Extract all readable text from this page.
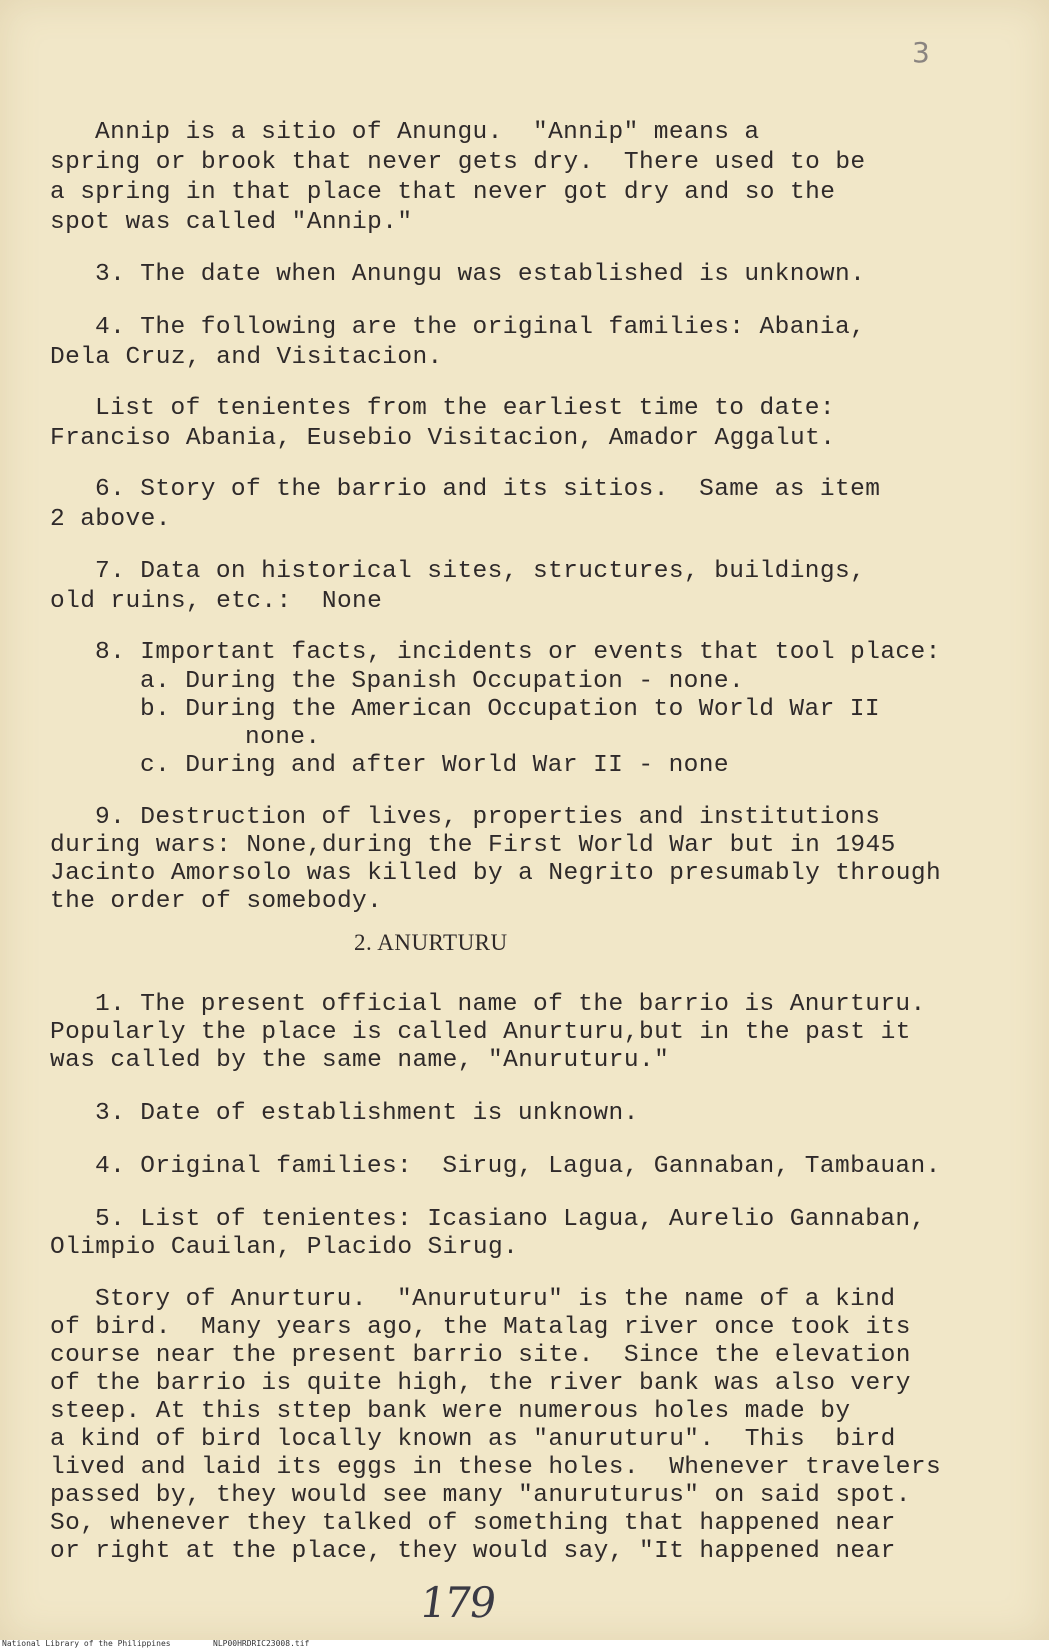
3
Annip is a sitio of Anungu.  "Annip" means a
spring or brook that never gets dry.  There used to be
a spring in that place that never got dry and so the
spot was called "Annip."
3. The date when Anungu was established is unknown.
4. The following are the original families: Abania,
Dela Cruz, and Visitacion.
List of tenientes from the earliest time to date:
Franciso Abania, Eusebio Visitacion, Amador Aggalut.
6. Story of the barrio and its sitios.  Same as item
2 above.
7. Data on historical sites, structures, buildings,
old ruins, etc.:  None
8. Important facts, incidents or events that tool place:
a. During the Spanish Occupation - none.
b. During the American Occupation to World War II
none.
c. During and after World War II - none
9. Destruction of lives, properties and institutions
during wars: None,during the First World War but in 1945
Jacinto Amorsolo was killed by a Negrito presumably through
the order of somebody.
2. ANURTURU
1. The present official name of the barrio is Anurturu.
Popularly the place is called Anurturu,but in the past it
was called by the same name, "Anuruturu."
3. Date of establishment is unknown.
4. Original families:  Sirug, Lagua, Gannaban, Tambauan.
5. List of tenientes: Icasiano Lagua, Aurelio Gannaban,
Olimpio Cauilan, Placido Sirug.
Story of Anurturu.  "Anuruturu" is the name of a kind
of bird.  Many years ago, the Matalag river once took its
course near the present barrio site.  Since the elevation
of the barrio is quite high, the river bank was also very
steep. At this sttep bank were numerous holes made by
a kind of bird locally known as "anuruturu".  This  bird
lived and laid its eggs in these holes.  Whenever travelers
passed by, they would see many "anuruturus" on said spot.
So, whenever they talked of something that happened near
or right at the place, they would say, "It happened near
179
National Library of the Philippines	NLP00HRDRIC23008.tif
